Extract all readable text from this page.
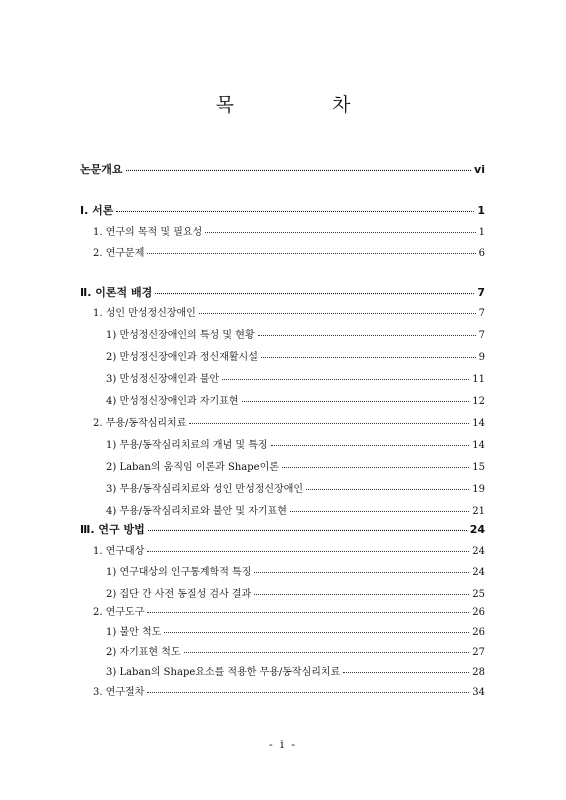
목 차
논문개요	vi
Ⅰ. 서론	1
1. 연구의 목적 및 필요성	1
2. 연구문제	6
Ⅱ. 이론적 배경	7
1. 성인 만성정신장애인	7
1) 만성정신장애인의 특성 및 현황	7
2) 만성정신장애인과 정신재활시설	9
3) 만성정신장애인과 불안	11
4) 만성정신장애인과 자기표현	12
2. 무용/동작심리치료	14
1) 무용/동작심리치료의 개념 및 특징	14
2) Laban의 움직임 이론과 Shape이론	15
3) 무용/동작심리치료와 성인 만성정신장애인	19
4) 무용/동작심리치료와 불안 및 자기표현	21
Ⅲ. 연구 방법	24
1. 연구대상	24
1) 연구대상의 인구통계학적 특징	24
2) 집단 간 사전 동질성 검사 결과	25
2. 연구도구	26
1) 불안 척도	26
2) 자기표현 척도	27
3) Laban의 Shape요소를 적용한 무용/동작심리치료	28
3. 연구절차	34
- i -
